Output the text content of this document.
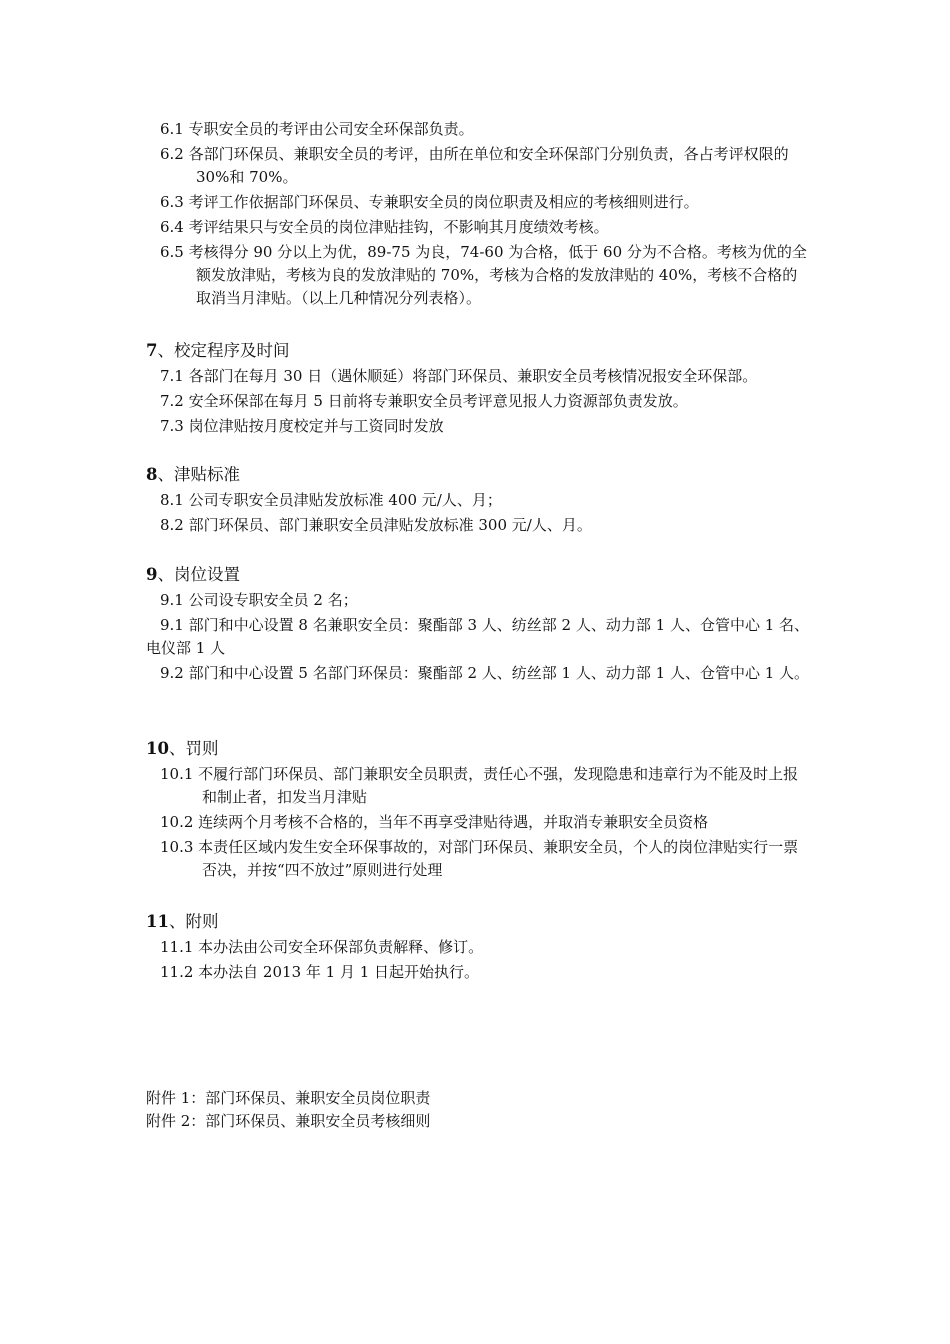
6.1 专职安全员的考评由公司安全环保部负责。

6.2 各部门环保员、兼职安全员的考评，由所在单位和安全环保部门分别负责，各占考评权限的 30%和 70%。

6.3 考评工作依据部门环保员、专兼职安全员的岗位职责及相应的考核细则进行。

6.4 考评结果只与安全员的岗位津贴挂钩，不影响其月度绩效考核。

6.5 考核得分 90 分以上为优，89-75 为良，74-60 为合格，低于 60 分为不合格。考核为优的全额发放津贴，考核为良的发放津贴的 70%，考核为合格的发放津贴的 40%，考核不合格的取消当月津贴。（以上几种情况分列表格）。

7、校定程序及时间

7.1 各部门在每月 30 日（遇休顺延）将部门环保员、兼职安全员考核情况报安全环保部。

7.2 安全环保部在每月 5 日前将专兼职安全员考评意见报人力资源部负责发放。

7.3 岗位津贴按月度校定并与工资同时发放

8、津贴标准

8.1 公司专职安全员津贴发放标准 400 元/人、月；

8.2 部门环保员、部门兼职安全员津贴发放标准 300 元/人、月。

9、岗位设置

9.1 公司设专职安全员 2 名；

9.1 部门和中心设置 8 名兼职安全员：聚酯部 3 人、纺丝部 2 人、动力部 1 人、仓管中心 1 名、电仪部 1 人

9.2 部门和中心设置 5 名部门环保员：聚酯部 2 人、纺丝部 1 人、动力部 1 人、仓管中心 1 人。

10、罚则

10.1 不履行部门环保员、部门兼职安全员职责，责任心不强，发现隐患和违章行为不能及时上报和制止者，扣发当月津贴

10.2 连续两个月考核不合格的，当年不再享受津贴待遇，并取消专兼职安全员资格

10.3 本责任区域内发生安全环保事故的，对部门环保员、兼职安全员，个人的岗位津贴实行一票否决，并按“四不放过”原则进行处理

11、附则

11.1 本办法由公司安全环保部负责解释、修订。

11.2 本办法自 2013 年 1 月 1 日起开始执行。

附件 1：部门环保员、兼职安全员岗位职责

附件 2：部门环保员、兼职安全员考核细则
